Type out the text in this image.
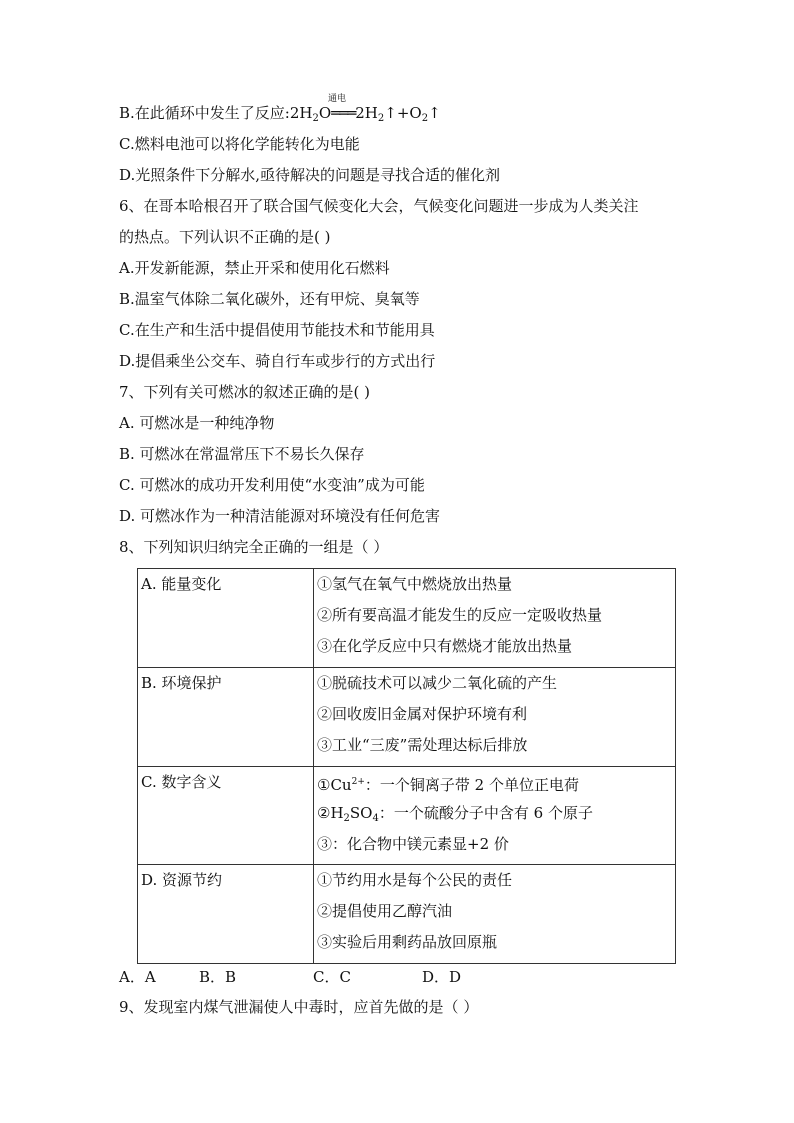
B.在此循环中发生了反应$:2H_2O$
通电
$═══2H_2↑+O_2↑$
C.燃料电池可以将化学能转化为电能
D.光照条件下分解水,亟待解决的问题是寻找合适的催化剂
6、在哥本哈根召开了联合国气候变化大会，气候变化问题进一步成为人类关注
的热点。下列认识不正确的是( )
A.开发新能源，禁止开采和使用化石燃料
B.温室气体除二氧化碳外，还有甲烷、臭氧等
C.在生产和生活中提倡使用节能技术和节能用具
D.提倡乘坐公交车、骑自行车或步行的方式出行
7、下列有关可燃冰的叙述正确的是( )
A. 可燃冰是一种纯净物
B. 可燃冰在常温常压下不易长久保存
C. 可燃冰的成功开发利用使“水变油”成为可能
D. 可燃冰作为一种清洁能源对环境没有任何危害
8、下列知识归纳完全正确的一组是（ ）
A. 能量变化	①氢气在氧气中燃烧放出热量
②所有要高温才能发生的反应一定吸收热量
③在化学反应中只有燃烧才能放出热量

B. 环境保护	①脱硫技术可以减少二氧化硫的产生
②回收废旧金属对保护环境有利
③工业“三废”需处理达标后排放

C. 数字含义	$①Cu^{2+}$：一个铜离子带 2 个单位正电荷
$②H_2SO_4$：一个硫酸分子中含有 6 个原子
③：化合物中镁元素显+2 价

D. 资源节约	①节约用水是每个公民的责任
②提倡使用乙醇汽油
③实验后用剩药品放回原瓶
A．A	B．B	C．C	D．D
9、发现室内煤气泄漏使人中毒时，应首先做的是（ ）
